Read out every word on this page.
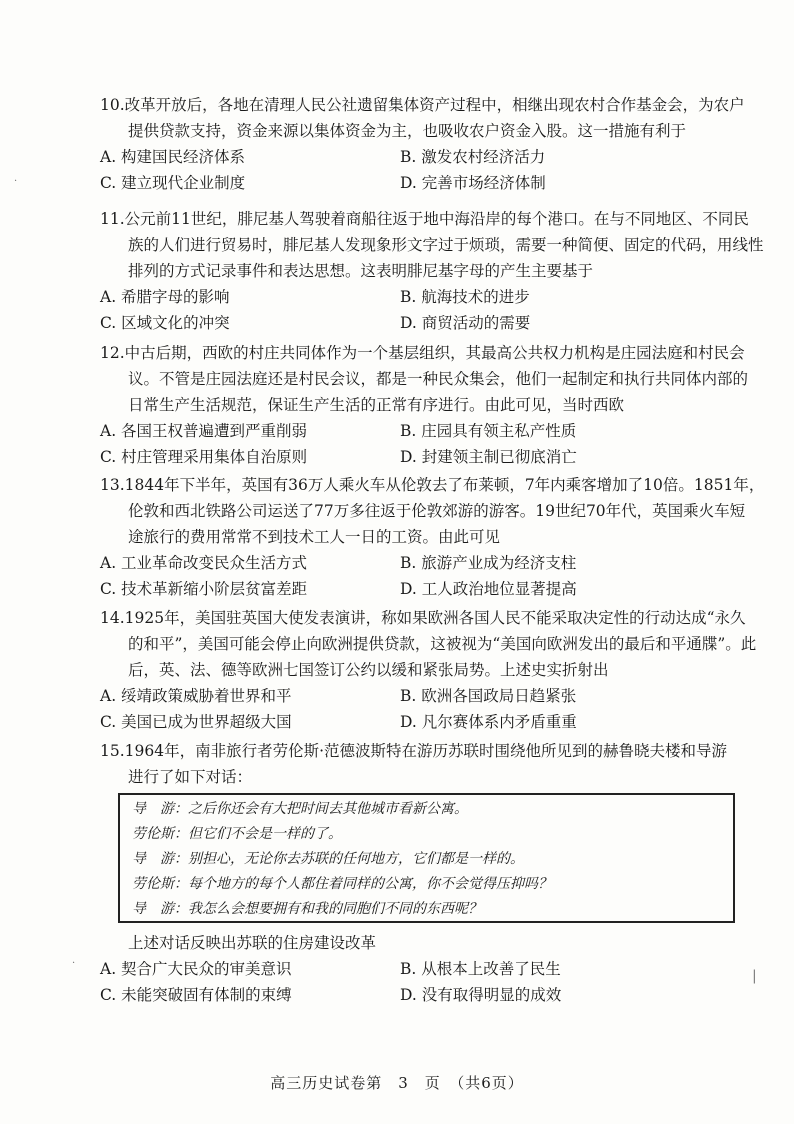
10.改革开放后，各地在清理人民公社遗留集体资产过程中，相继出现农村合作基金会，为农户
提供贷款支持，资金来源以集体资金为主，也吸收农户资金入股。这一措施有利于
A. 构建国民经济体系	B. 激发农村经济活力
C. 建立现代企业制度	D. 完善市场经济体制
11.公元前11世纪，腓尼基人驾驶着商船往返于地中海沿岸的每个港口。在与不同地区、不同民
族的人们进行贸易时，腓尼基人发现象形文字过于烦琐，需要一种简便、固定的代码，用线性
排列的方式记录事件和表达思想。这表明腓尼基字母的产生主要基于
A. 希腊字母的影响	B. 航海技术的进步
C. 区域文化的冲突	D. 商贸活动的需要
12.中古后期，西欧的村庄共同体作为一个基层组织，其最高公共权力机构是庄园法庭和村民会
议。不管是庄园法庭还是村民会议，都是一种民众集会，他们一起制定和执行共同体内部的
日常生产生活规范，保证生产生活的正常有序进行。由此可见，当时西欧
A. 各国王权普遍遭到严重削弱	B. 庄园具有领主私产性质
C. 村庄管理采用集体自治原则	D. 封建领主制已彻底消亡
13.1844年下半年，英国有36万人乘火车从伦敦去了布莱顿，7年内乘客增加了10倍。1851年，
伦敦和西北铁路公司运送了77万多往返于伦敦郊游的游客。19世纪70年代，英国乘火车短
途旅行的费用常常不到技术工人一日的工资。由此可见
A. 工业革命改变民众生活方式	B. 旅游产业成为经济支柱
C. 技术革新缩小阶层贫富差距	D. 工人政治地位显著提高
14.1925年，美国驻英国大使发表演讲，称如果欧洲各国人民不能采取决定性的行动达成“永久
的和平”，美国可能会停止向欧洲提供贷款，这被视为“美国向欧洲发出的最后和平通牒”。此
后，英、法、德等欧洲七国签订公约以缓和紧张局势。上述史实折射出
A. 绥靖政策威胁着世界和平	B. 欧洲各国政局日趋紧张
C. 美国已成为世界超级大国	D. 凡尔赛体系内矛盾重重
15.1964年，南非旅行者劳伦斯·范德波斯特在游历苏联时围绕他所见到的赫鲁晓夫楼和导游
进行了如下对话：
导　游：之后你还会有大把时间去其他城市看新公寓。
劳伦斯：但它们不会是一样的了。
导　游：别担心，无论你去苏联的任何地方，它们都是一样的。
劳伦斯：每个地方的每个人都住着同样的公寓，你不会觉得压抑吗？
导　游：我怎么会想要拥有和我的同胞们不同的东西呢？
上述对话反映出苏联的住房建设改革
A. 契合广大民众的审美意识	B. 从根本上改善了民生
C. 未能突破固有体制的束缚	D. 没有取得明显的成效
高三历史试卷第　3　页　（共6页）
·
·
|
